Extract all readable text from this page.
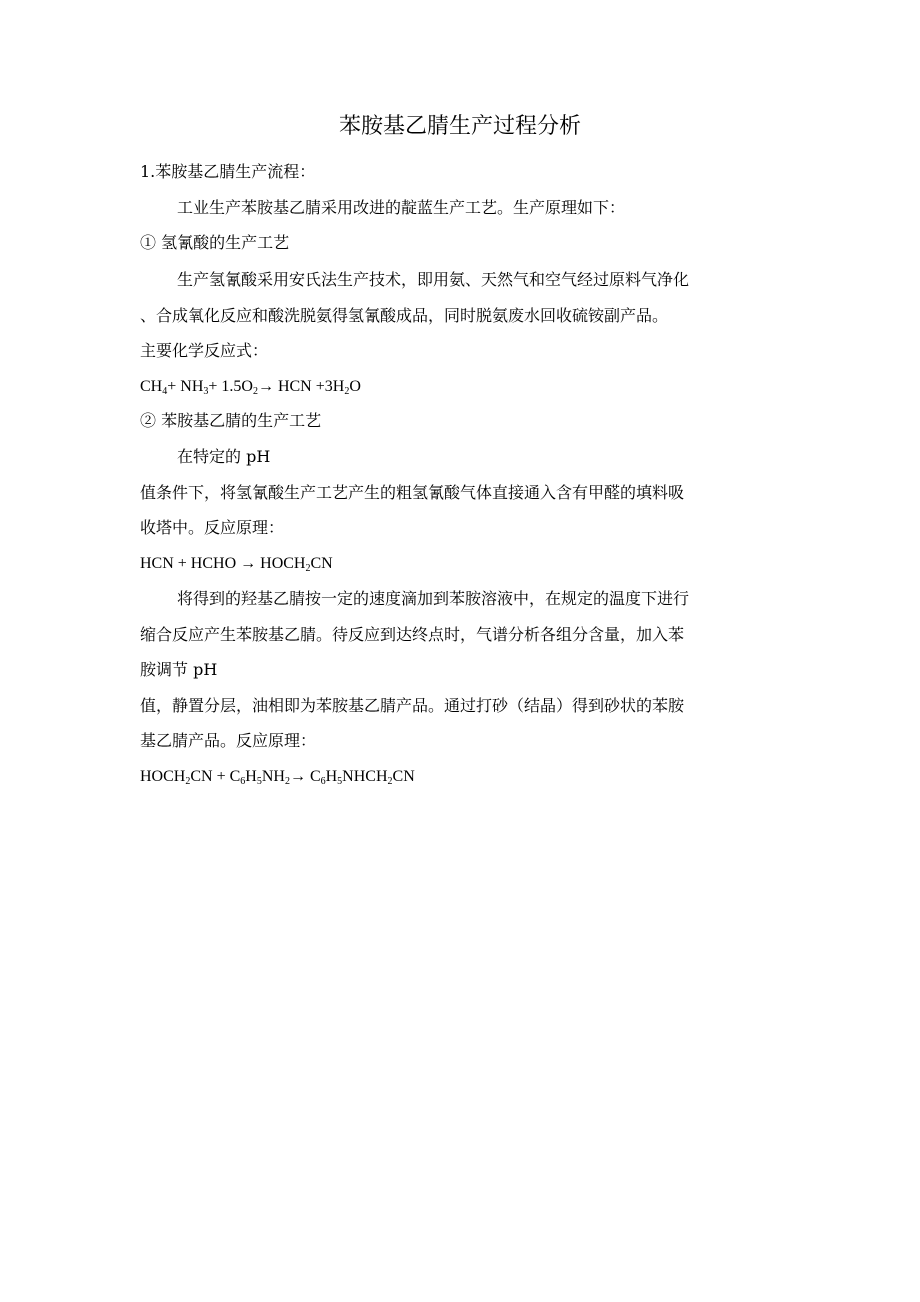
苯胺基乙腈生产过程分析
1.苯胺基乙腈生产流程：
工业生产苯胺基乙腈采用改进的靛蓝生产工艺。生产原理如下：
① 氢氰酸的生产工艺
生产氢氰酸采用安氏法生产技术，即用氨、天然气和空气经过原料气净化
、合成氧化反应和酸洗脱氨得氢氰酸成品，同时脱氨废水回收硫铵副产品。
主要化学反应式：
$CH_4+ NH_3+ 1.5O_2\to$ HCN $+3H_2O$
② 苯胺基乙腈的生产工艺
在特定的 pH
值条件下，将氢氰酸生产工艺产生的粗氢氰酸气体直接通入含有甲醛的填料吸
收塔中。反应原理：
HCN + HCHO → $HOCH_2CN$
将得到的羟基乙腈按一定的速度滴加到苯胺溶液中，在规定的温度下进行
缩合反应产生苯胺基乙腈。待反应到达终点时，气谱分析各组分含量，加入苯
胺调节 pH
值，静置分层，油相即为苯胺基乙腈产品。通过打砂（结晶）得到砂状的苯胺
基乙腈产品。反应原理：
$HOCH_2CN + C_6H_5NH_2\to$ $C_6H_5NHCH_2CN$
